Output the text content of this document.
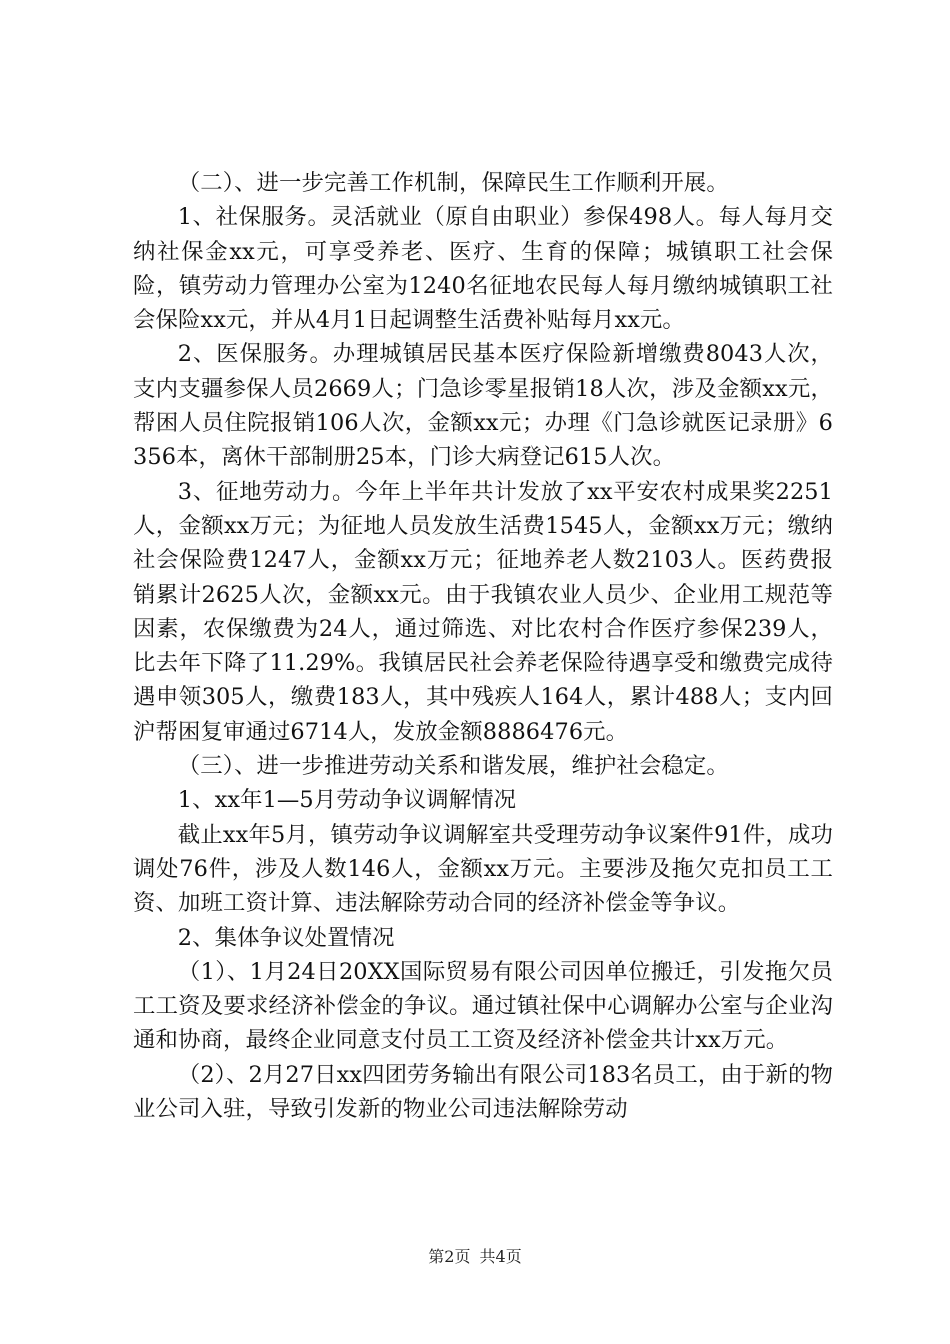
（二）、进一步完善工作机制，保障民生工作顺利开展。

1、社保服务。灵活就业（原自由职业）参保498人。每人每月交纳社保金xx元，可享受养老、医疗、生育的保障；城镇职工社会保险，镇劳动力管理办公室为1240名征地农民每人每月缴纳城镇职工社会保险xx元，并从4月1日起调整生活费补贴每月xx元。

2、医保服务。办理城镇居民基本医疗保险新增缴费8043人次，支内支疆参保人员2669人；门急诊零星报销18人次，涉及金额xx元，帮困人员住院报销106人次，金额xx元；办理《门急诊就医记录册》6356本，离休干部制册25本，门诊大病登记615人次。

3、征地劳动力。今年上半年共计发放了xx平安农村成果奖2251人，金额xx万元；为征地人员发放生活费1545人，金额xx万元；缴纳社会保险费1247人，金额xx万元；征地养老人数2103人。医药费报销累计2625人次，金额xx元。由于我镇农业人员少、企业用工规范等因素，农保缴费为24人，通过筛选、对比农村合作医疗参保239人，比去年下降了11.29%。我镇居民社会养老保险待遇享受和缴费完成待遇申领305人，缴费183人，其中残疾人164人，累计488人；支内回沪帮困复审通过6714人，发放金额8886476元。

（三）、进一步推进劳动关系和谐发展，维护社会稳定。

1、xx年1—5月劳动争议调解情况

截止xx年5月，镇劳动争议调解室共受理劳动争议案件91件，成功调处76件，涉及人数146人，金额xx万元。主要涉及拖欠克扣员工工资、加班工资计算、违法解除劳动合同的经济补偿金等争议。

2、集体争议处置情况

（1）、1月24日20XX国际贸易有限公司因单位搬迁，引发拖欠员工工资及要求经济补偿金的争议。通过镇社保中心调解办公室与企业沟通和协商，最终企业同意支付员工工资及经济补偿金共计xx万元。

（2）、2月27日xx四团劳务输出有限公司183名员工，由于新的物业公司入驻，导致引发新的物业公司违法解除劳动

第2页 共4页
